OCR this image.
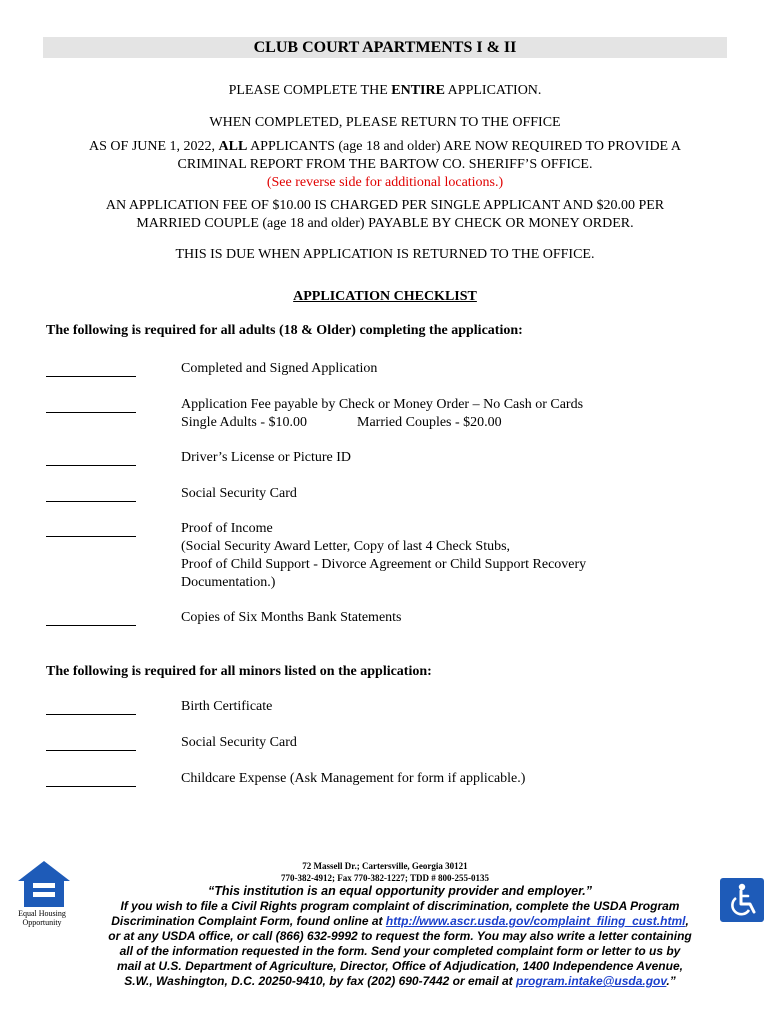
CLUB COURT APARTMENTS I & II
PLEASE COMPLETE THE ENTIRE APPLICATION.
WHEN COMPLETED, PLEASE RETURN TO THE OFFICE
AS OF JUNE 1, 2022, ALL APPLICANTS (age 18 and older) ARE NOW REQUIRED TO PROVIDE A
CRIMINAL REPORT FROM THE BARTOW CO. SHERIFF’S OFFICE.
(See reverse side for additional locations.)
AN APPLICATION FEE OF $10.00 IS CHARGED PER SINGLE APPLICANT AND $20.00 PER
MARRIED COUPLE (age 18 and older) PAYABLE BY CHECK OR MONEY ORDER.
THIS IS DUE WHEN APPLICATION IS RETURNED TO THE OFFICE.
APPLICATION CHECKLIST
The following is required for all adults (18 & Older) completing the application:
Completed and Signed Application
Application Fee payable by Check or Money Order – No Cash or Cards
Single Adults - $10.00	Married Couples - $20.00
Driver’s License or Picture ID
Social Security Card
Proof of Income
(Social Security Award Letter, Copy of last 4 Check Stubs,
Proof of Child Support - Divorce Agreement or Child Support Recovery
Documentation.)
Copies of Six Months Bank Statements
The following is required for all minors listed on the application:
Birth Certificate
Social Security Card
Childcare Expense (Ask Management for form if applicable.)
Equal Housing
Opportunity
72 Massell Dr.; Cartersville, Georgia 30121
770-382-4912; Fax 770-382-1227; TDD # 800-255-0135
“This institution is an equal opportunity provider and employer.”
If you wish to file a Civil Rights program complaint of discrimination, complete the USDA Program
Discrimination Complaint Form, found online at http://www.ascr.usda.gov/complaint_filing_cust.html,
or at any USDA office, or call (866) 632-9992 to request the form. You may also write a letter containing
all of the information requested in the form. Send your completed complaint form or letter to us by
mail at U.S. Department of Agriculture, Director, Office of Adjudication, 1400 Independence Avenue,
S.W., Washington, D.C. 20250-9410, by fax (202) 690-7442 or email at program.intake@usda.gov.”
